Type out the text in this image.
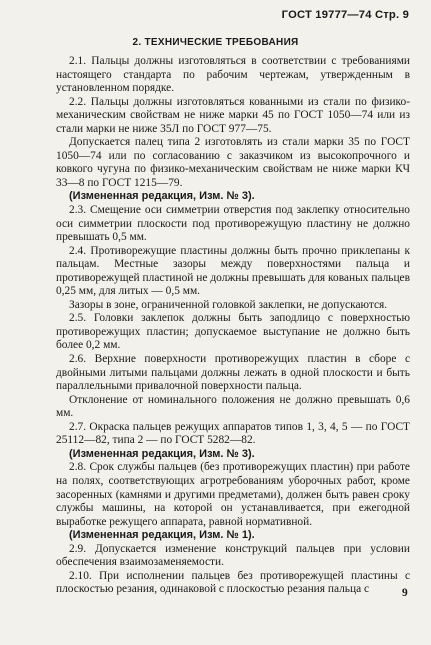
ГОСТ 19777—74 Стр. 9
2. ТЕХНИЧЕСКИЕ ТРЕБОВАНИЯ

2.1. Пальцы должны изготовляться в соответствии с требованиями настоящего стандарта по рабочим чертежам, утвержденным в установленном порядке.

2.2. Пальцы должны изготовляться кованными из стали по физико-механическим свойствам не ниже марки 45 по ГОСТ 1050—74 или из стали марки не ниже 35Л по ГОСТ 977—75.

Допускается палец типа 2 изготовлять из стали марки 35 по ГОСТ 1050—74 или по согласованию с заказчиком из высокопрочного и ковкого чугуна по физико-механическим свойствам не ниже марки КЧ 33—8 по ГОСТ 1215—79.

(Измененная редакция, Изм. № 3).

2.3. Смещение оси симметрии отверстия под заклепку относительно оси симметрии плоскости под противорежущую пластину не должно превышать 0,5 мм.

2.4. Противорежущие пластины должны быть прочно приклепаны к пальцам. Местные зазоры между поверхностями пальца и противорежущей пластиной не должны превышать для кованых пальцев 0,25 мм, для литых — 0,5 мм.

Зазоры в зоне, ограниченной головкой заклепки, не допускаются.

2.5. Головки заклепок должны быть заподлицо с поверхностью противорежущих пластин; допускаемое выступание не должно быть более 0,2 мм.

2.6. Верхние поверхности противорежущих пластин в сборе с двойными литыми пальцами должны лежать в одной плоскости и быть параллельными привалочной поверхности пальца.

Отклонение от номинального положения не должно превышать 0,6 мм.

2.7. Окраска пальцев режущих аппаратов типов 1, 3, 4, 5 — по ГОСТ 25112—82, типа 2 — по ГОСТ 5282—82.

(Измененная редакция, Изм. № 3).

2.8. Срок службы пальцев (без противорежущих пластин) при работе на полях, соответствующих агротребованиям уборочных работ, кроме засоренных (камнями и другими предметами), должен быть равен сроку службы машины, на которой он устанавливается, при ежегодной выработке режущего аппарата, равной нормативной.

(Измененная редакция, Изм. № 1).

2.9. Допускается изменение конструкций пальцев при условии обеспечения взаимозаменяемости.

2.10. При исполнении пальцев без противорежущей пластины с плоскостью резания, одинаковой с плоскостью резания пальца с	9
